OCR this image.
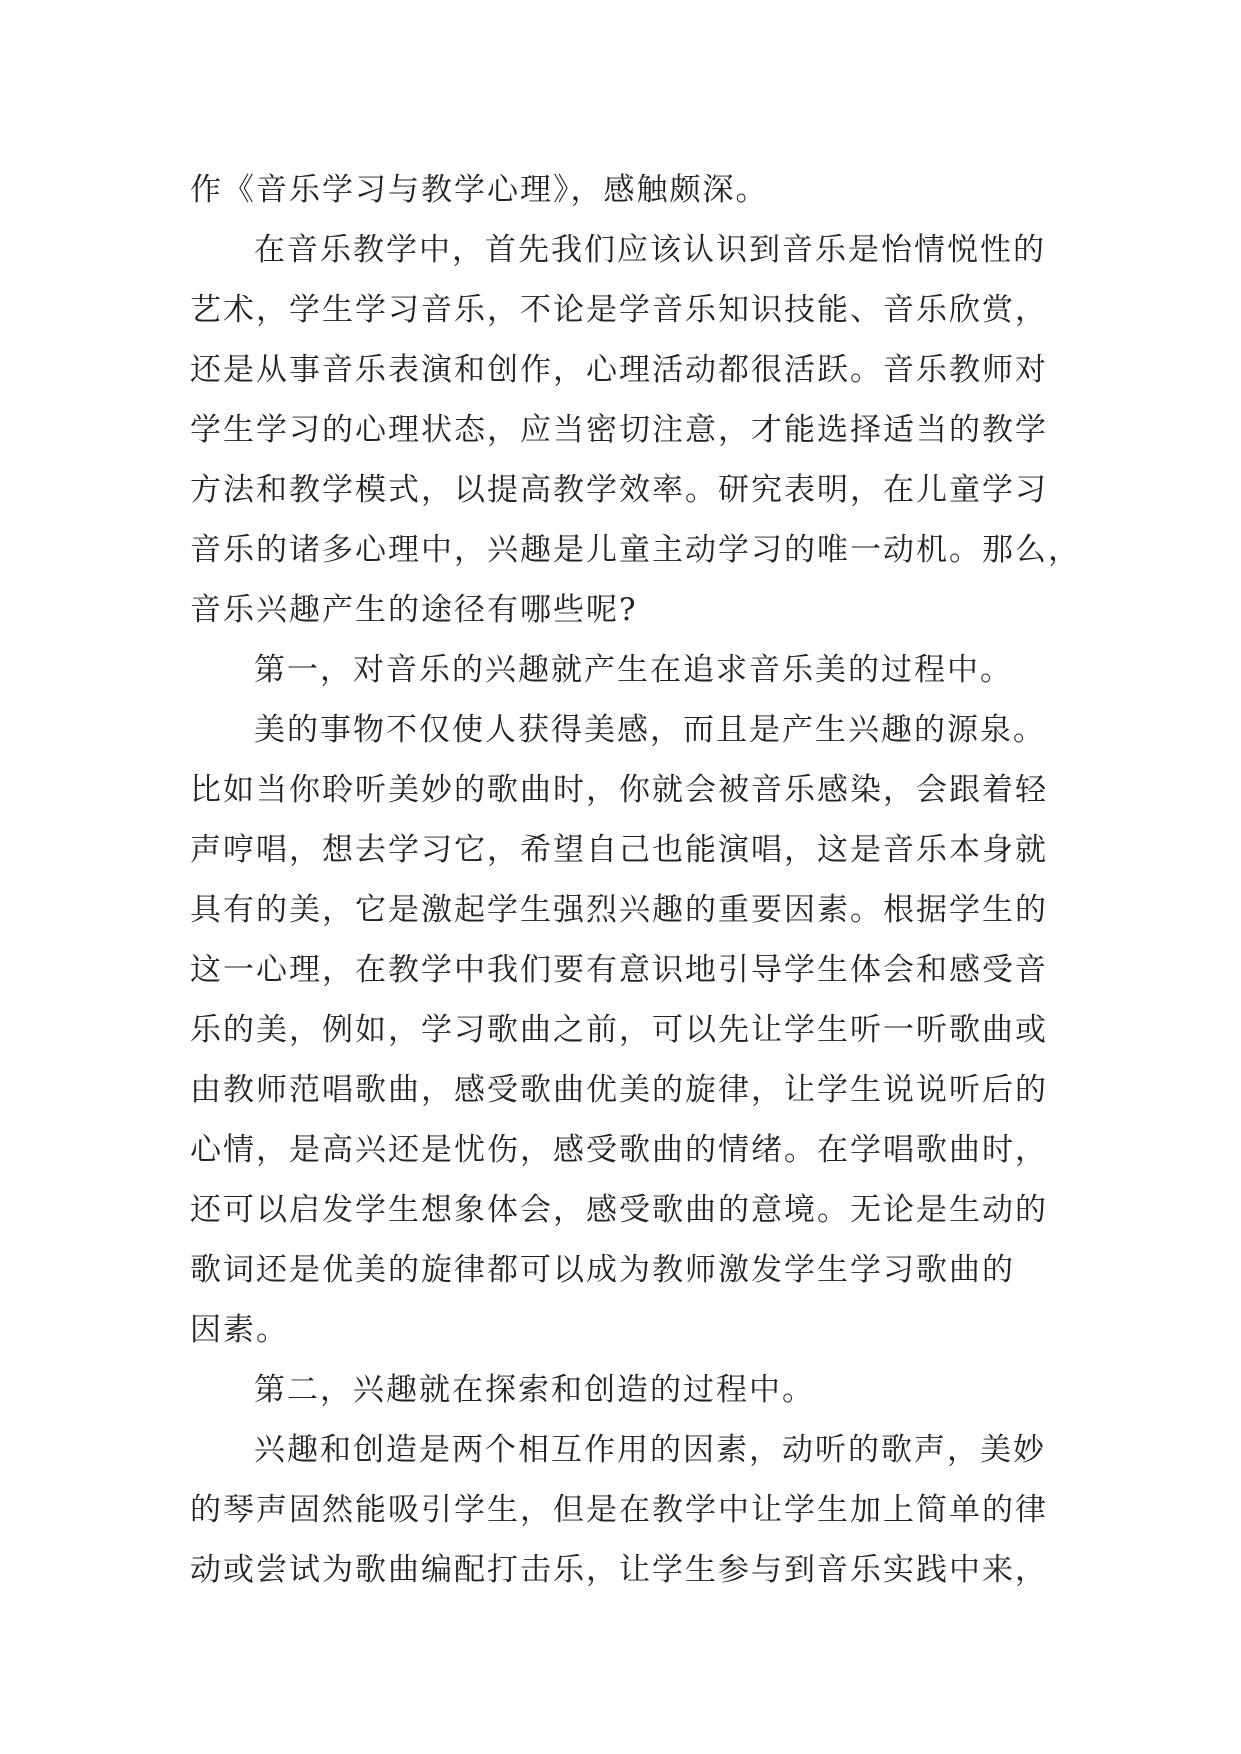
作《音乐学习与教学心理》，感触颇深。
在音乐教学中，首先我们应该认识到音乐是怡情悦性的
艺术，学生学习音乐，不论是学音乐知识技能、音乐欣赏，
还是从事音乐表演和创作，心理活动都很活跃。音乐教师对
学生学习的心理状态，应当密切注意，才能选择适当的教学
方法和教学模式，以提高教学效率。研究表明，在儿童学习
音乐的诸多心理中，兴趣是儿童主动学习的唯一动机。那么，
音乐兴趣产生的途径有哪些呢?
第一，对音乐的兴趣就产生在追求音乐美的过程中。
美的事物不仅使人获得美感，而且是产生兴趣的源泉。
比如当你聆听美妙的歌曲时，你就会被音乐感染，会跟着轻
声哼唱，想去学习它，希望自己也能演唱，这是音乐本身就
具有的美，它是激起学生强烈兴趣的重要因素。根据学生的
这一心理，在教学中我们要有意识地引导学生体会和感受音
乐的美，例如，学习歌曲之前，可以先让学生听一听歌曲或
由教师范唱歌曲，感受歌曲优美的旋律，让学生说说听后的
心情，是高兴还是忧伤，感受歌曲的情绪。在学唱歌曲时，
还可以启发学生想象体会，感受歌曲的意境。无论是生动的
歌词还是优美的旋律都可以成为教师激发学生学习歌曲的
因素。
第二，兴趣就在探索和创造的过程中。
兴趣和创造是两个相互作用的因素，动听的歌声，美妙
的琴声固然能吸引学生，但是在教学中让学生加上简单的律
动或尝试为歌曲编配打击乐，让学生参与到音乐实践中来，
